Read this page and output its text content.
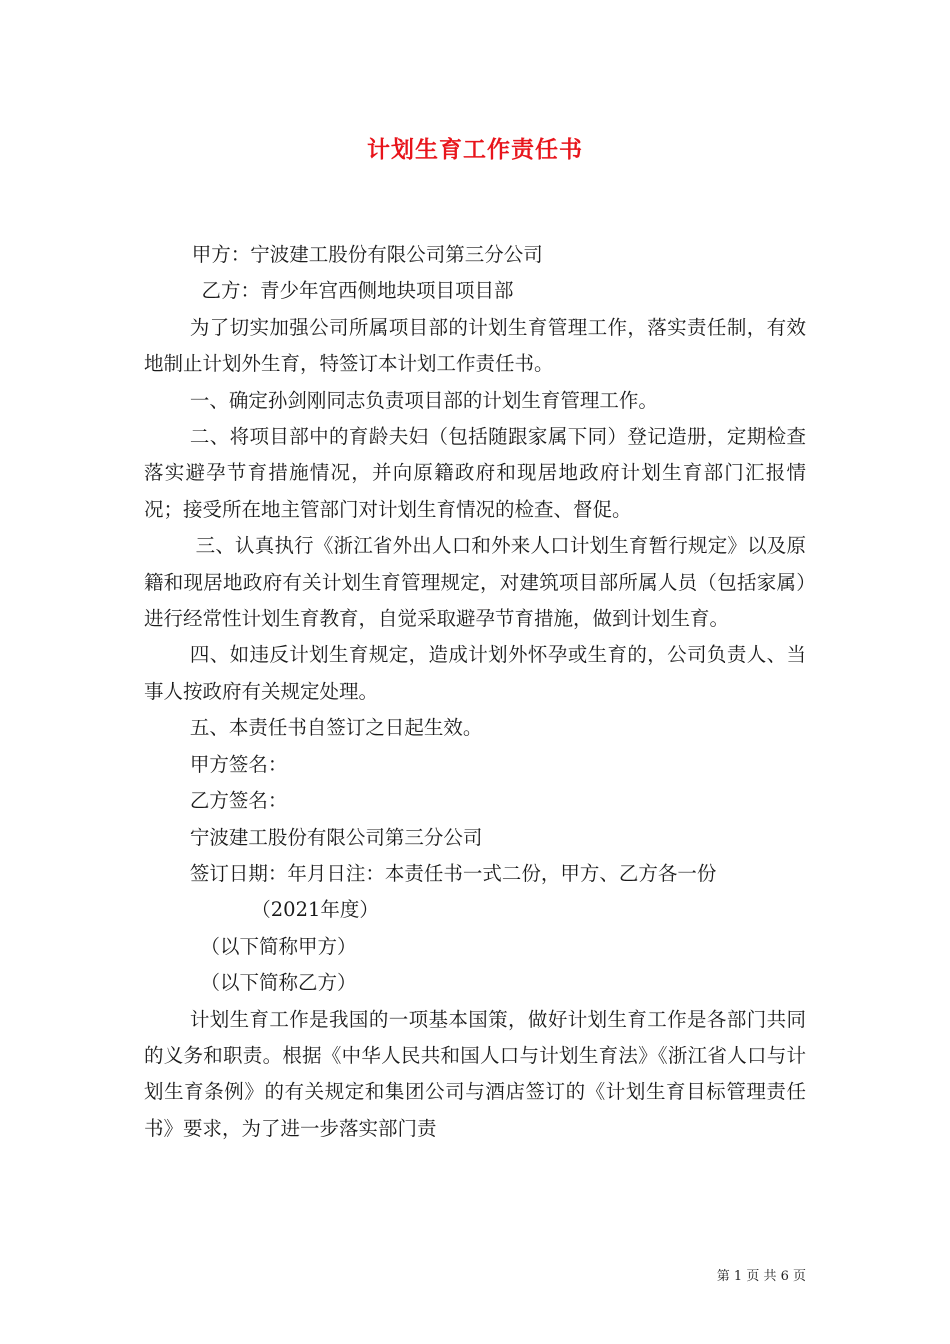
计划生育工作责任书

甲方：宁波建工股份有限公司第三分公司

乙方：青少年宫西侧地块项目项目部

为了切实加强公司所属项目部的计划生育管理工作，落实责任制，有效地制止计划外生育，特签订本计划工作责任书。

一、确定孙剑刚同志负责项目部的计划生育管理工作。

二、将项目部中的育龄夫妇（包括随跟家属下同）登记造册，定期检查落实避孕节育措施情况，并向原籍政府和现居地政府计划生育部门汇报情况；接受所在地主管部门对计划生育情况的检查、督促。

三、认真执行《浙江省外出人口和外来人口计划生育暂行规定》以及原籍和现居地政府有关计划生育管理规定，对建筑项目部所属人员（包括家属）进行经常性计划生育教育，自觉采取避孕节育措施，做到计划生育。

四、如违反计划生育规定，造成计划外怀孕或生育的，公司负责人、当事人按政府有关规定处理。

五、本责任书自签订之日起生效。

甲方签名：

乙方签名：

宁波建工股份有限公司第三分公司

签订日期：年月日注：本责任书一式二份，甲方、乙方各一份

（2021年度）

（以下简称甲方）

（以下简称乙方）

计划生育工作是我国的一项基本国策，做好计划生育工作是各部门共同的义务和职责。根据《中华人民共和国人口与计划生育法》《浙江省人口与计划生育条例》的有关规定和集团公司与酒店签订的《计划生育目标管理责任书》要求，为了进一步落实部门责

第 1 页 共 6 页
